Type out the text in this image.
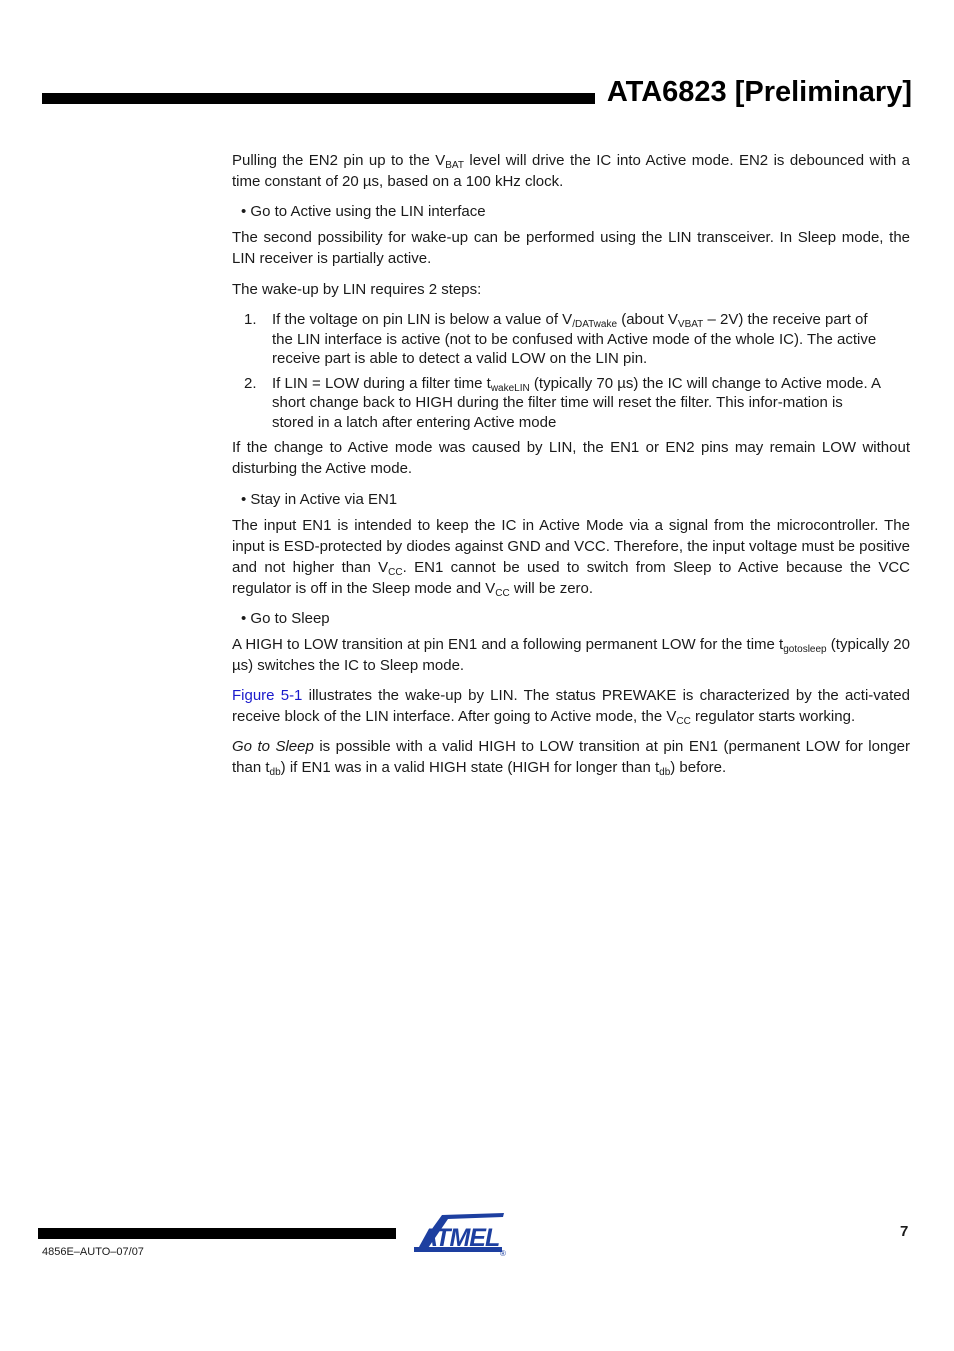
ATA6823 [Preliminary]

Pulling the EN2 pin up to the $V_{BAT}$ level will drive the IC into Active mode. EN2 is debounced with a time constant of 20 µs, based on a 100 kHz clock.

• Go to Active using the LIN interface

The second possibility for wake-up can be performed using the LIN transceiver. In Sleep mode, the LIN receiver is partially active.

The wake-up by LIN requires 2 steps:

1. If the voltage on pin LIN is below a value of $V_{/DATwake}$ (about $V_{VBAT} - 2V$) the receive part of the LIN interface is active (not to be confused with Active mode of the whole IC). The active receive part is able to detect a valid LOW on the LIN pin.
2. If LIN = LOW during a filter time $t_{wakeLIN}$ (typically 70 µs) the IC will change to Active mode. A short change back to HIGH during the filter time will reset the filter. This infor-mation is stored in a latch after entering Active mode

If the change to Active mode was caused by LIN, the EN1 or EN2 pins may remain LOW without disturbing the Active mode.

• Stay in Active via EN1

The input EN1 is intended to keep the IC in Active Mode via a signal from the microcontroller. The input is ESD-protected by diodes against GND and VCC. Therefore, the input voltage must be positive and not higher than $V_{CC}$. EN1 cannot be used to switch from Sleep to Active because the VCC regulator is off in the Sleep mode and $V_{CC}$ will be zero.

• Go to Sleep

A HIGH to LOW transition at pin EN1 and a following permanent LOW for the time $t_{gotosleep}$ (typically 20 µs) switches the IC to Sleep mode.

Figure 5-1 illustrates the wake-up by LIN. The status PREWAKE is characterized by the acti-vated receive block of the LIN interface. After going to Active mode, the $V_{CC}$ regulator starts working.

Go to Sleep is possible with a valid HIGH to LOW transition at pin EN1 (permanent LOW for longer than $t_{db}$) if EN1 was in a valid HIGH state (HIGH for longer than $t_{db}$) before.

4856E–AUTO–07/07
7
ATMEL
®
